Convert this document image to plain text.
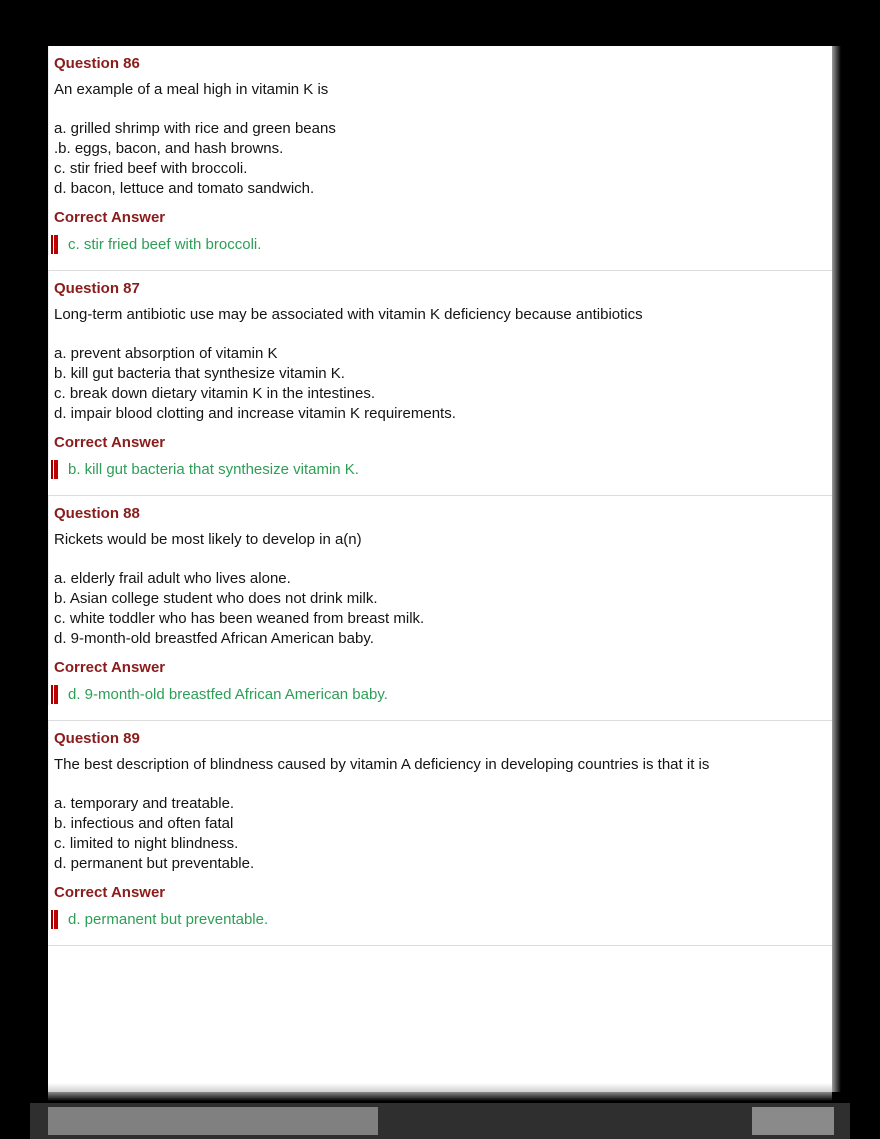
Question 86
An example of a meal high in vitamin K is
a. grilled shrimp with rice and green beans
.b. eggs, bacon, and hash browns.
c. stir fried beef with broccoli.
d. bacon, lettuce and tomato sandwich.
Correct Answer
c. stir fried beef with broccoli.
Question 87
Long-term antibiotic use may be associated with vitamin K deficiency because antibiotics
a. prevent absorption of vitamin K
b. kill gut bacteria that synthesize vitamin K.
c. break down dietary vitamin K in the intestines.
d. impair blood clotting and increase vitamin K requirements.
Correct Answer
b. kill gut bacteria that synthesize vitamin K.
Question 88
Rickets would be most likely to develop in a(n)
a. elderly frail adult who lives alone.
b. Asian college student who does not drink milk.
c. white toddler who has been weaned from breast milk.
d. 9-month-old breastfed African American baby.
Correct Answer
d. 9-month-old breastfed African American baby.
Question 89
The best description of blindness caused by vitamin A deficiency in developing countries is that it is
a. temporary and treatable.
b. infectious and often fatal
c. limited to night blindness.
d. permanent but preventable.
Correct Answer
d. permanent but preventable.
